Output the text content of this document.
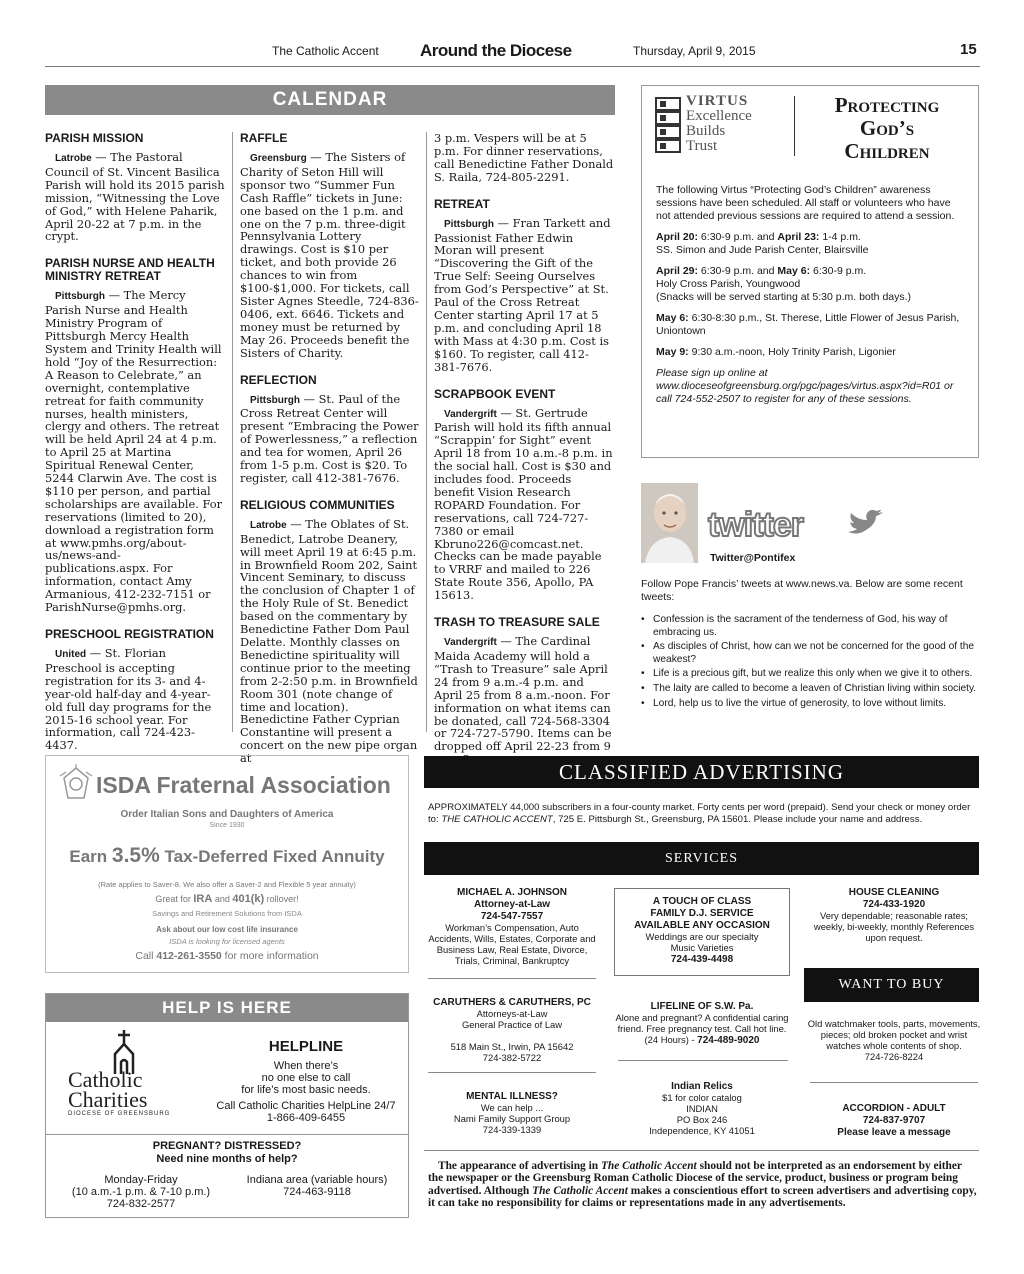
The Catholic Accent Around the Diocese	Thursday, April 9, 2015	15
CALENDAR
PARISH MISSION

Latrobe — The Pastoral Council of St. Vincent Basilica Parish will hold its 2015 parish mission, “Witnessing the Love of God,” with Helene Paharik, April 20-22 at 7 p.m. in the crypt.

PARISH NURSE AND HEALTH MINISTRY RETREAT

Pittsburgh — The Mercy Parish Nurse and Health Ministry Program of Pittsburgh Mercy Health System and Trinity Health will hold “Joy of the Resurrection: A Reason to Celebrate,” an overnight, contemplative retreat for faith community nurses, health ministers, clergy and others. The retreat will be held April 24 at 4 p.m. to April 25 at Martina Spiritual Renewal Center, 5244 Clarwin Ave. The cost is $110 per person, and partial scholarships are available. For reservations (limited to 20), download a registration form at www.pmhs.org/about-us/news-and-publications.aspx. For information, contact Amy Armanious, 412-232-7151 or ParishNurse@pmhs.org.

PRESCHOOL REGISTRATION

United — St. Florian Preschool is accepting registration for its 3- and 4-year-old half-day and 4-year-old full day programs for the 2015-16 school year. For information, call 724-423-4437.

RAFFLE

Greensburg — The Sisters of Charity of Seton Hill will sponsor two “Summer Fun Cash Raffle” tickets in June: one based on the 1 p.m. and one on the 7 p.m. three-digit Pennsylvania Lottery drawings. Cost is $10 per ticket, and both provide 26 chances to win from $100-$1,000. For tickets, call Sister Agnes Steedle, 724-836-0406, ext. 6646. Tickets and money must be returned by May 26. Proceeds benefit the Sisters of Charity.

REFLECTION

Pittsburgh — St. Paul of the Cross Retreat Center will present “Embracing the Power of Powerlessness,” a reflection and tea for women, April 26 from 1-5 p.m. Cost is $20. To register, call 412-381-7676.

RELIGIOUS COMMUNITIES

Latrobe — The Oblates of St. Benedict, Latrobe Deanery, will meet April 19 at 6:45 p.m. in Brownfield Room 202, Saint Vincent Seminary, to discuss the conclusion of Chapter 1 of the Holy Rule of St. Benedict based on the commentary by Benedictine Father Dom Paul Delatte. Monthly classes on Benedictine spirituality will continue prior to the meeting from 2-2:50 p.m. in Brownfield Room 301 (note change of time and location). Benedictine Father Cyprian Constantine will present a concert on the new pipe organ at

3 p.m. Vespers will be at 5 p.m. For dinner reservations, call Benedictine Father Donald S. Raila, 724-805-2291.

RETREAT

Pittsburgh — Fran Tarkett and Passionist Father Edwin Moran will present “Discovering the Gift of the True Self: Seeing Ourselves from God’s Perspective” at St. Paul of the Cross Retreat Center starting April 17 at 5 p.m. and concluding April 18 with Mass at 4:30 p.m. Cost is $160. To register, call 412-381-7676.

SCRAPBOOK EVENT

Vandergrift — St. Gertrude Parish will hold its fifth annual “Scrappin’ for Sight” event April 18 from 10 a.m.-8 p.m. in the social hall. Cost is $30 and includes food. Proceeds benefit Vision Research ROPARD Foundation. For reservations, call 724-727-7380 or email Kbruno226@comcast.net. Checks can be made payable to VRRF and mailed to 226 State Route 356, Apollo, PA 15613.

TRASH TO TREASURE SALE

Vandergrift — The Cardinal Maida Academy will hold a “Trash to Treasure” sale April 24 from 9 a.m.-4 p.m. and April 25 from 8 a.m.-noon. For information on what items can be donated, call 724-568-3304 or 724-727-5790. Items can be dropped off April 22-23 from 9

VIRTUS
Excellence
Builds
Trust
Protecting
God’s
Children
The following Virtus “Protecting God’s Children” awareness sessions have been scheduled. All staff or volunteers who have not attended previous sessions are required to attend a session.
April 20: 6:30-9 p.m. and April 23: 1-4 p.m.
SS. Simon and Jude Parish Center, Blairsville
April 29: 6:30-9 p.m. and May 6: 6:30-9 p.m.
Holy Cross Parish, Youngwood
(Snacks will be served starting at 5:30 p.m. both days.)
May 6: 6:30-8:30 p.m., St. Therese, Little Flower of Jesus Parish, Uniontown
May 9: 9:30 a.m.-noon, Holy Trinity Parish, Ligonier
Please sign up online at www.dioceseofgreensburg.org/pgc/pages/virtus.aspx?id=R01 or call 724-552-2507 to register for any of these sessions.
twitter
Twitter@Pontifex
Follow Pope Francis’ tweets at www.news.va. Below are some recent tweets:
• Confession is the sacrament of the tenderness of God, his way of embracing us.
• As disciples of Christ, how can we not be concerned for the good of the weakest?
• Life is a precious gift, but we realize this only when we give it to others.
• The laity are called to become a leaven of Christian living within society.
• Lord, help us to live the virtue of generosity, to love without limits.
ISDA Fraternal Association
Order Italian Sons and Daughters of America
Since 1930
Earn 3.5% Tax-Deferred Fixed Annuity
(Rate applies to Saver-8. We also offer a Saver-2 and Flexible 5 year annuity)
Great for IRA and 401(k) rollover!
Savings and Retirement Solutions from ISDA
Ask about our low cost life insurance
ISDA is looking for licensed agents
Call 412-261-3550 for more information
HELP IS HERE
Catholic
Charities
DIOCESE OF GREENSBURG
HELPLINE
When there’s
no one else to call
for life’s most basic needs.
Call Catholic Charities HelpLine 24/7
1-866-409-6455
PREGNANT? DISTRESSED?
Need nine months of help?
Monday-Friday
(10 a.m.-1 p.m. & 7-10 p.m.)
724-832-2577
Indiana area (variable hours)
724-463-9118
CLASSIFIED ADVERTISING
APPROXIMATELY 44,000 subscribers in a four-county market. Forty cents per word (prepaid). Send your check or money order to: THE CATHOLIC ACCENT, 725 E. Pittsburgh St., Greensburg, PA 15601. Please include your name and address.
SERVICES
MICHAEL A. JOHNSON
Attorney-at-Law
724-547-7557
Workman’s Compensation, Auto Accidents, Wills, Estates, Corporate and Business Law, Real Estate, Divorce, Trials, Criminal, Bankruptcy
A TOUCH OF CLASS
FAMILY D.J. SERVICE
AVAILABLE ANY OCCASION
Weddings are our specialty
Music Varieties
724-439-4498
HOUSE CLEANING
724-433-1920
Very dependable; reasonable rates; weekly, bi-weekly, monthly References upon request.
WANT TO BUY
CARUTHERS & CARUTHERS, PC
Attorneys-at-Law
General Practice of Law

518 Main St., Irwin, PA 15642
724-382-5722
LIFELINE OF S.W. Pa.
Alone and pregnant? A confidential caring friend. Free pregnancy test. Call hot line. (24 Hours) - 724-489-9020
Old watchmaker tools, parts, movements, pieces; old broken pocket and wrist watches whole contents of shop.
724-726-8224
MENTAL ILLNESS?
We can help ...
Nami Family Support Group
724-339-1339
Indian Relics
$1 for color catalog
INDIAN
PO Box 246
Independence, KY 41051
ACCORDION - ADULT
724-837-9707
Please leave a message
The appearance of advertising in The Catholic Accent should not be interpreted as an endorsement by either the newspaper or the Greensburg Roman Catholic Diocese of the service, product, business or program being advertised. Although The Catholic Accent makes a conscientious effort to screen advertisers and advertising copy, it can take no responsibility for claims or representations made in any advertisements.
